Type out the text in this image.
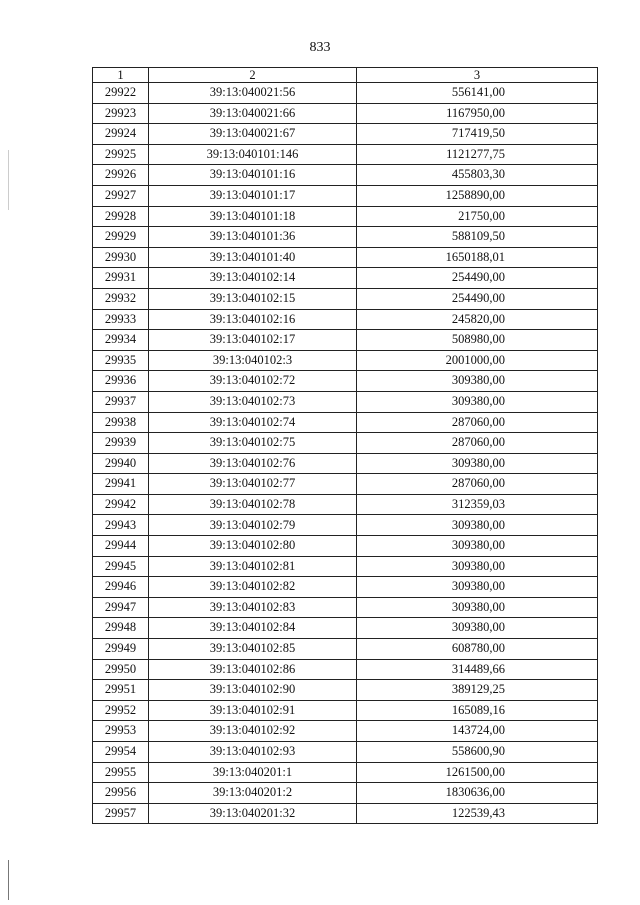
833
1	2	3
29922	39:13:040021:56	556141,00
29923	39:13:040021:66	1167950,00
29924	39:13:040021:67	717419,50
29925	39:13:040101:146	1121277,75
29926	39:13:040101:16	455803,30
29927	39:13:040101:17	1258890,00
29928	39:13:040101:18	21750,00
29929	39:13:040101:36	588109,50
29930	39:13:040101:40	1650188,01
29931	39:13:040102:14	254490,00
29932	39:13:040102:15	254490,00
29933	39:13:040102:16	245820,00
29934	39:13:040102:17	508980,00
29935	39:13:040102:3	2001000,00
29936	39:13:040102:72	309380,00
29937	39:13:040102:73	309380,00
29938	39:13:040102:74	287060,00
29939	39:13:040102:75	287060,00
29940	39:13:040102:76	309380,00
29941	39:13:040102:77	287060,00
29942	39:13:040102:78	312359,03
29943	39:13:040102:79	309380,00
29944	39:13:040102:80	309380,00
29945	39:13:040102:81	309380,00
29946	39:13:040102:82	309380,00
29947	39:13:040102:83	309380,00
29948	39:13:040102:84	309380,00
29949	39:13:040102:85	608780,00
29950	39:13:040102:86	314489,66
29951	39:13:040102:90	389129,25
29952	39:13:040102:91	165089,16
29953	39:13:040102:92	143724,00
29954	39:13:040102:93	558600,90
29955	39:13:040201:1	1261500,00
29956	39:13:040201:2	1830636,00
29957	39:13:040201:32	122539,43
